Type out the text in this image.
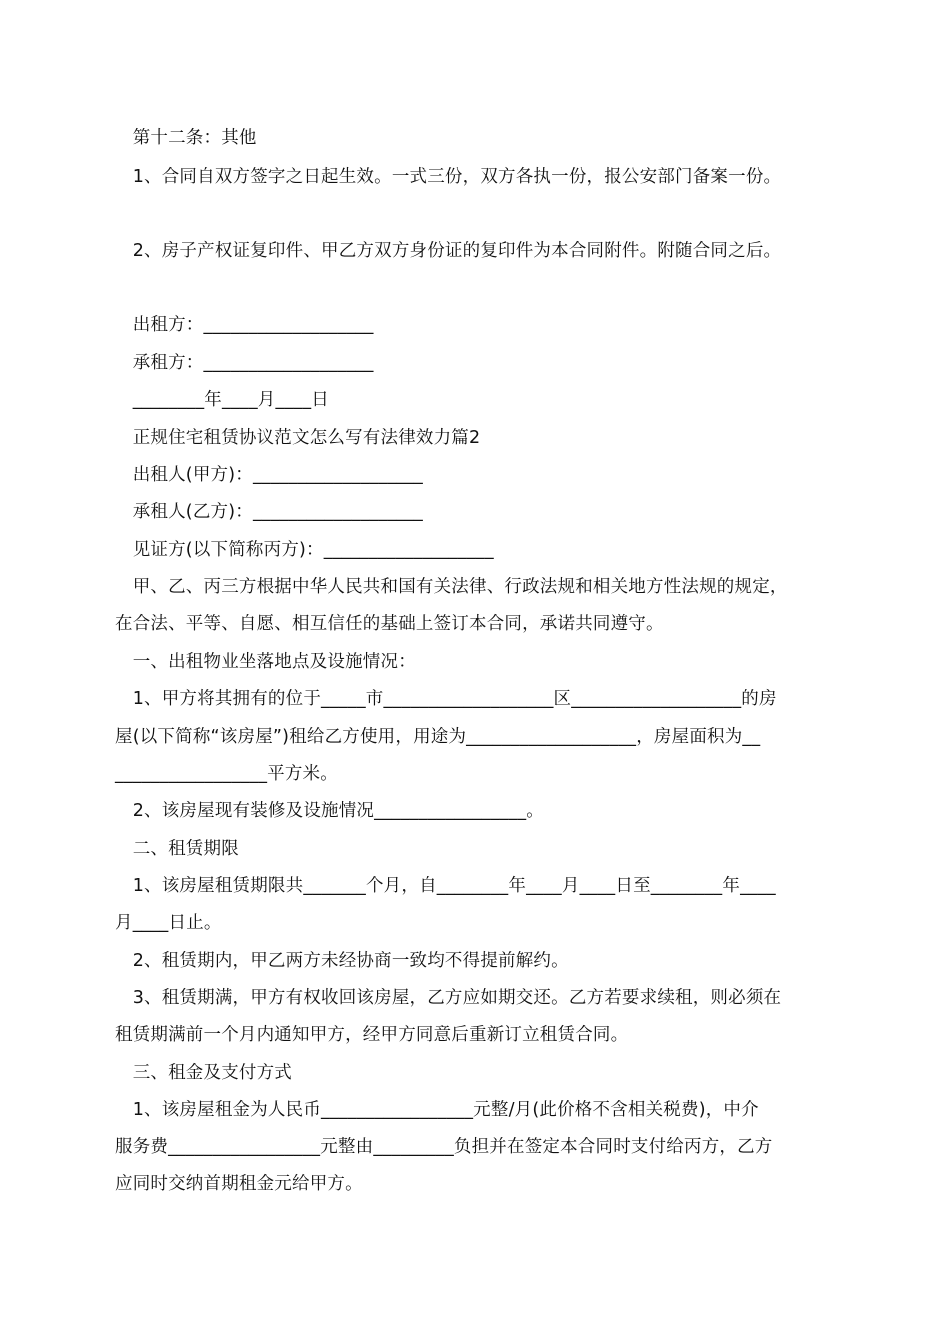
　第十二条：其他
　1、合同自双方签字之日起生效。一式三份，双方各执一份，报公安部门备案一份。
　2、房子产权证复印件、甲乙方双方身份证的复印件为本合同附件。附随合同之后。
　出租方：___________________
　承租方：___________________
　________年____月____日
　正规住宅租赁协议范文怎么写有法律效力篇2
　出租人(甲方)：___________________
　承租人(乙方)：___________________
　见证方(以下简称丙方)：___________________
　甲、乙、丙三方根据中华人民共和国有关法律、行政法规和相关地方性法规的规定，
在合法、平等、自愿、相互信任的基础上签订本合同，承诺共同遵守。
　一、出租物业坐落地点及设施情况：
　1、甲方将其拥有的位于_____市___________________区___________________的房
屋(以下简称“该房屋”)租给乙方使用，用途为___________________，房屋面积为__
_________________平方米。
　2、该房屋现有装修及设施情况_________________。
　二、租赁期限
　1、该房屋租赁期限共_______个月，自________年____月____日至________年____
月____日止。
　2、租赁期内，甲乙两方未经协商一致均不得提前解约。
　3、租赁期满，甲方有权收回该房屋，乙方应如期交还。乙方若要求续租，则必须在
租赁期满前一个月内通知甲方，经甲方同意后重新订立租赁合同。
　三、租金及支付方式
　1、该房屋租金为人民币_________________元整/月(此价格不含相关税费)，中介
服务费_________________元整由_________负担并在签定本合同时支付给丙方，乙方
应同时交纳首期租金元给甲方。
